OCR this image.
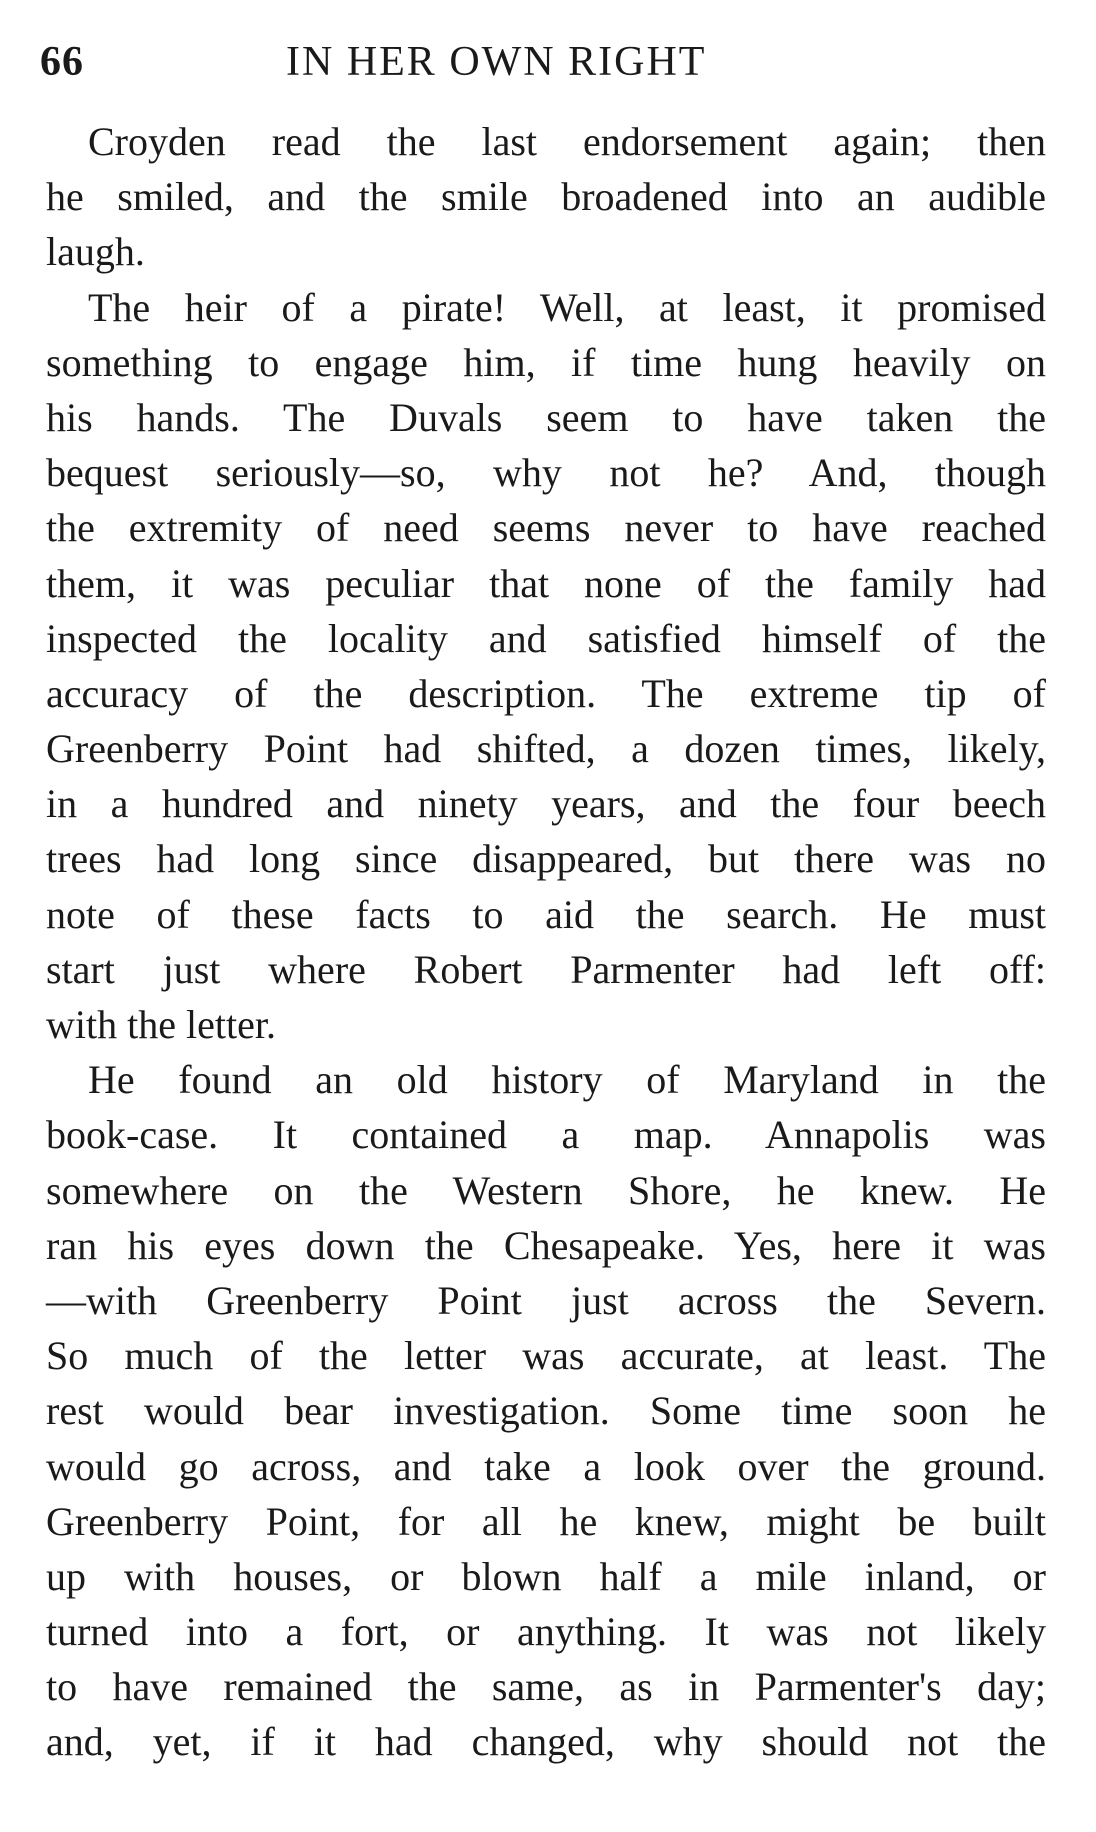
66	IN HER OWN RIGHT
Croyden read the last endorsement again; then
he smiled, and the smile broadened into an audible
laugh.
The heir of a pirate! Well, at least, it promised
something to engage him, if time hung heavily on
his hands. The Duvals seem to have taken the
bequest seriously—so, why not he? And, though
the extremity of need seems never to have reached
them, it was peculiar that none of the family had
inspected the locality and satisfied himself of the
accuracy of the description. The extreme tip of
Greenberry Point had shifted, a dozen times, likely,
in a hundred and ninety years, and the four beech
trees had long since disappeared, but there was no
note of these facts to aid the search. He must
start just where Robert Parmenter had left off:
with the letter.
He found an old history of Maryland in the
book-case. It contained a map. Annapolis was
somewhere on the Western Shore, he knew. He
ran his eyes down the Chesapeake. Yes, here it was
—with Greenberry Point just across the Severn.
So much of the letter was accurate, at least. The
rest would bear investigation. Some time soon he
would go across, and take a look over the ground.
Greenberry Point, for all he knew, might be built
up with houses, or blown half a mile inland, or
turned into a fort, or anything. It was not likely
to have remained the same, as in Parmenter's day;
and, yet, if it had changed, why should not the
